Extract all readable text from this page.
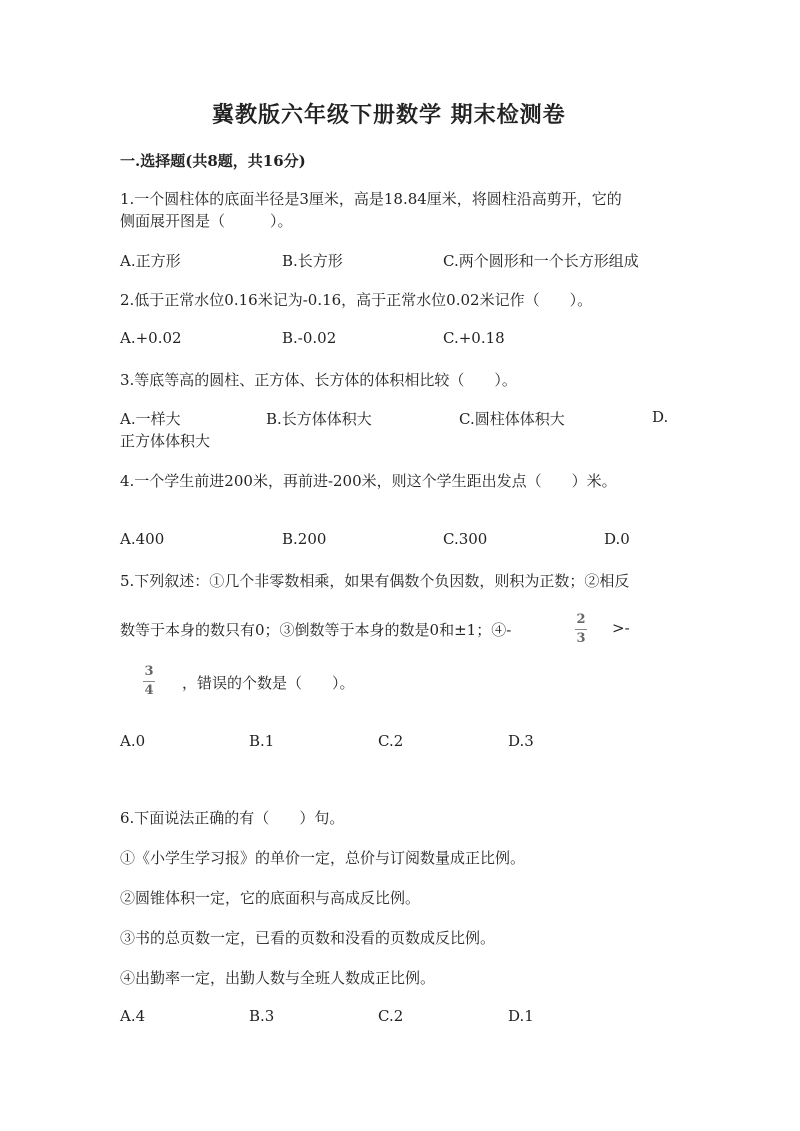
冀教版六年级下册数学 期末检测卷
一.选择题(共8题，共16分)
1.一个圆柱体的底面半径是3厘米，高是18.84厘米，将圆柱沿高剪开，它的
侧面展开图是（　　　）。
A.正方形	B.长方形	C.两个圆形和一个长方形组成
2.低于正常水位0.16米记为-0.16，高于正常水位0.02米记作（　　）。
A.+0.02	B.-0.02	C.+0.18
3.等底等高的圆柱、正方体、长方体的体积相比较（　　）。
A.一样大	B.长方体体积大	C.圆柱体体积大	D.
正方体体积大
4.一个学生前进200米，再前进-200米，则这个学生距出发点（　　）米。
A.400	B.200	C.300	D.0
5.下列叙述：①几个非零数相乘，如果有偶数个负因数，则积为正数；②相反
数等于本身的数只有0；③倒数等于本身的数是0和±1；④-
2
3
>-
3
4 ，错误的个数是（　　）。
A.0	B.1	C.2	D.3
6.下面说法正确的有（　　）句。
①《小学生学习报》的单价一定，总价与订阅数量成正比例。
②圆锥体积一定，它的底面积与高成反比例。
③书的总页数一定，已看的页数和没看的页数成反比例。
④出勤率一定，出勤人数与全班人数成正比例。
A.4	B.3	C.2	D.1
